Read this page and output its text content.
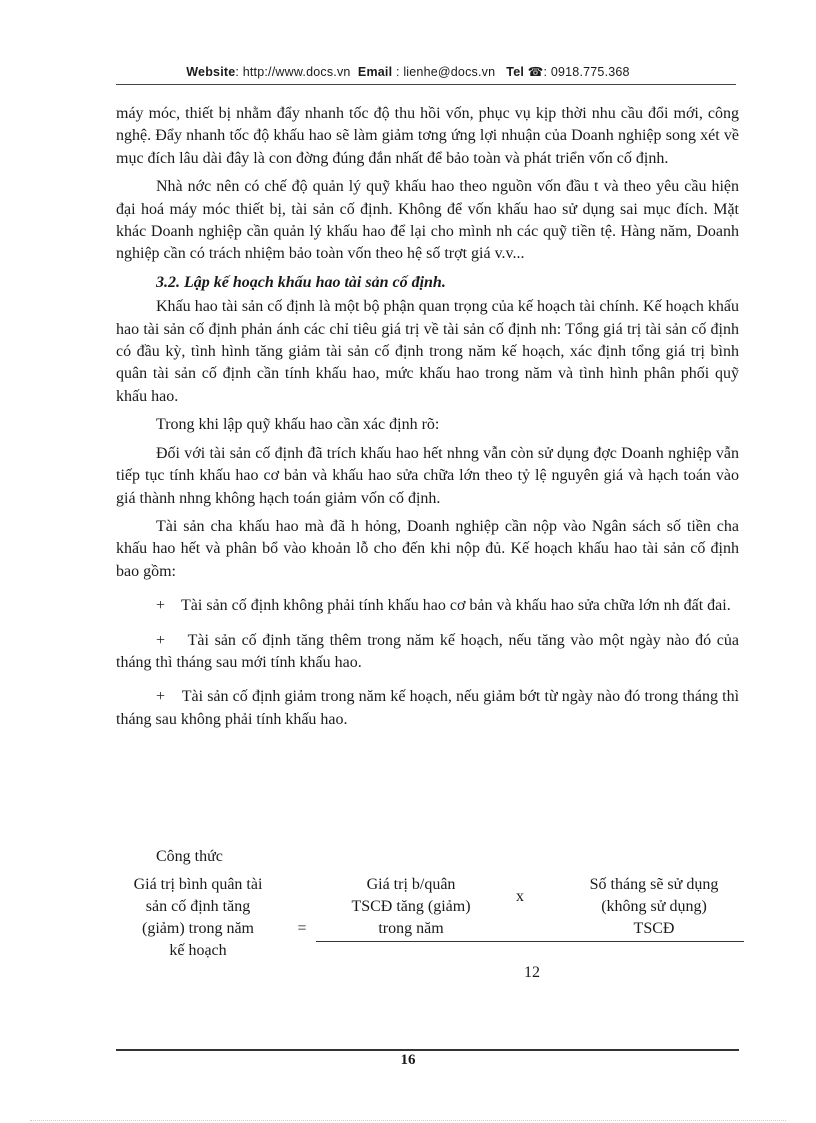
Website: http://www.docs.vn Email : lienhe@docs.vn Tel ☎: 0918.775.368

máy móc, thiết bị nhằm đẩy nhanh tốc độ thu hồi vốn, phục vụ kịp thời nhu cầu đổi mới, công nghệ. Đẩy nhanh tốc độ khấu hao sẽ làm giảm tơng ứng lợi nhuận của Doanh nghiệp song xét về mục đích lâu dài đây là con đờng đúng đắn nhất để bảo toàn và phát triển vốn cố định.

Nhà nớc nên có chế độ quản lý quỹ khấu hao theo nguồn vốn đầu t và theo yêu cầu hiện đại hoá máy móc thiết bị, tài sản cố định. Không để vốn khấu hao sử dụng sai mục đích. Mặt khác Doanh nghiệp cần quản lý khấu hao để lại cho mình nh các quỹ tiền tệ. Hàng năm, Doanh nghiệp cần có trách nhiệm bảo toàn vốn theo hệ số trợt giá v.v...

3.2. Lập kế hoạch khấu hao tài sản cố định.

Khấu hao tài sản cố định là một bộ phận quan trọng của kế hoạch tài chính. Kế hoạch khấu hao tài sản cố định phản ánh các chỉ tiêu giá trị về tài sản cố định nh: Tổng giá trị tài sản cố định có đầu kỳ, tình hình tăng giảm tài sản cố định trong năm kế hoạch, xác định tổng giá trị bình quân tài sản cố định cần tính khấu hao, mức khấu hao trong năm và tình hình phân phối quỹ khấu hao.

Trong khi lập quỹ khấu hao cần xác định rõ:

Đối với tài sản cố định đã trích khấu hao hết nhng vẫn còn sử dụng đợc Doanh nghiệp vẫn tiếp tục tính khấu hao cơ bản và khấu hao sửa chữa lớn theo tỷ lệ nguyên giá và hạch toán vào giá thành nhng không hạch toán giảm vốn cố định.

Tài sản cha khấu hao mà đã h hỏng, Doanh nghiệp cần nộp vào Ngân sách số tiền cha khấu hao hết và phân bổ vào khoản lỗ cho đến khi nộp đủ. Kế hoạch khấu hao tài sản cố định bao gồm:

+ Tài sản cố định không phải tính khấu hao cơ bản và khấu hao sửa chữa lớn nh đất đai.

+ Tài sản cố định tăng thêm trong năm kế hoạch, nếu tăng vào một ngày nào đó của tháng thì tháng sau mới tính khấu hao.

+ Tài sản cố định giảm trong năm kế hoạch, nếu giảm bớt từ ngày nào đó trong tháng thì tháng sau không phải tính khấu hao.

Công thức
Giá trị bình quân tài
sản cố định tăng
(giảm) trong năm
kế hoạch
=
Giá trị b/quân
TSCĐ tăng (giảm)
trong năm
x
Số tháng sẽ sử dụng
(không sử dụng)
TSCĐ
12
16
